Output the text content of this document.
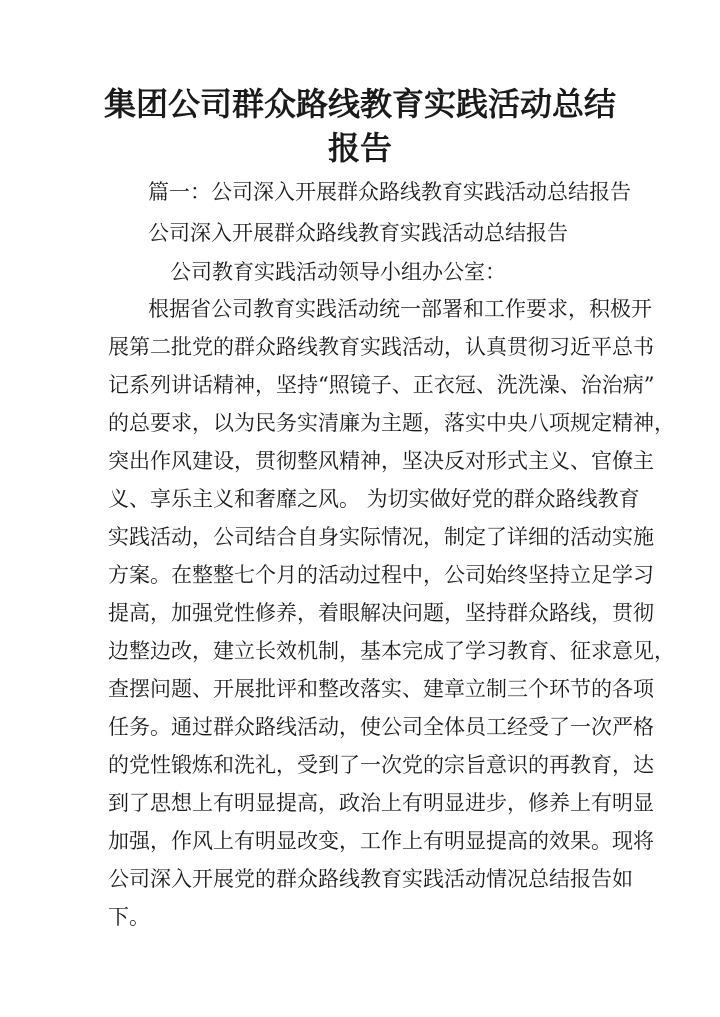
集团公司群众路线教育实践活动总结报告

篇一：公司深入开展群众路线教育实践活动总结报告

公司深入开展群众路线教育实践活动总结报告

公司教育实践活动领导小组办公室：

根据省公司教育实践活动统一部署和工作要求，积极开

展第二批党的群众路线教育实践活动，认真贯彻习近平总书

记系列讲话精神，坚持“照镜子、正衣冠、洗洗澡、治治病”

的总要求，以为民务实清廉为主题，落实中央八项规定精神，

突出作风建设，贯彻整风精神，坚决反对形式主义、官僚主

义、享乐主义和奢靡之风。 为切实做好党的群众路线教育

实践活动，公司结合自身实际情况，制定了详细的活动实施

方案。在整整七个月的活动过程中，公司始终坚持立足学习

提高，加强党性修养，着眼解决问题，坚持群众路线，贯彻

边整边改，建立长效机制，基本完成了学习教育、征求意见，

查摆问题、开展批评和整改落实、建章立制三个环节的各项

任务。通过群众路线活动，使公司全体员工经受了一次严格

的党性锻炼和洗礼，受到了一次党的宗旨意识的再教育，达

到了思想上有明显提高，政治上有明显进步，修养上有明显

加强，作风上有明显改变，工作上有明显提高的效果。现将

公司深入开展党的群众路线教育实践活动情况总结报告如

下。
